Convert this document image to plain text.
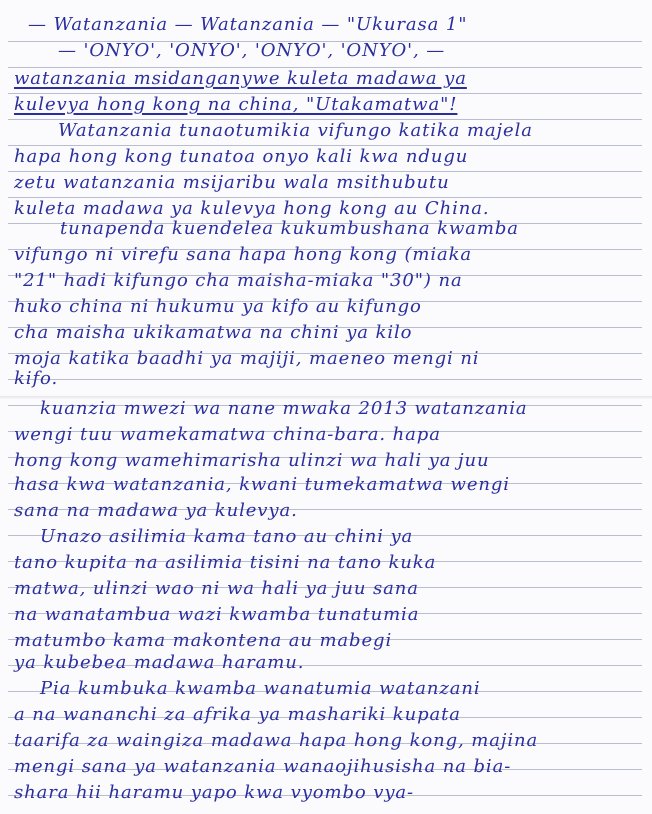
— Watanzania — Watanzania — "Ukurasa 1"
— 'ONYO', 'ONYO', 'ONYO', 'ONYO', —
watanzania msidanganywe kuleta madawa ya
kulevya hong kong na china, "Utakamatwa"!
Watanzania tunaotumikia vifungo katika majela
hapa hong kong tunatoa onyo kali kwa ndugu
zetu watanzania msijaribu wala msithubutu
kuleta madawa ya kulevya hong kong au China.
tunapenda kuendelea kukumbushana kwamba
vifungo ni virefu sana hapa hong kong (miaka
"21" hadi kifungo cha maisha-miaka "30") na
huko china ni hukumu ya kifo au kifungo
cha maisha ukikamatwa na chini ya kilo
moja katika baadhi ya majiji, maeneo mengi ni
kifo.
kuanzia mwezi wa nane mwaka 2013 watanzania
wengi tuu wamekamatwa china-bara. hapa
hong kong wamehimarisha ulinzi wa hali ya juu
hasa kwa watanzania, kwani tumekamatwa wengi
sana na madawa ya kulevya.
Unazo asilimia kama tano au chini ya
tano kupita na asilimia tisini na tano kuka
matwa, ulinzi wao ni wa hali ya juu sana
na wanatambua wazi kwamba tunatumia
matumbo kama makontena au mabegi
ya kubebea madawa haramu.
Pia kumbuka kwamba wanatumia watanzani
a na wananchi za afrika ya mashariki kupata
taarifa za waingiza madawa hapa hong kong, majina
mengi sana ya watanzania wanaojihusisha na bia-
shara hii haramu yapo kwa vyombo vya-
